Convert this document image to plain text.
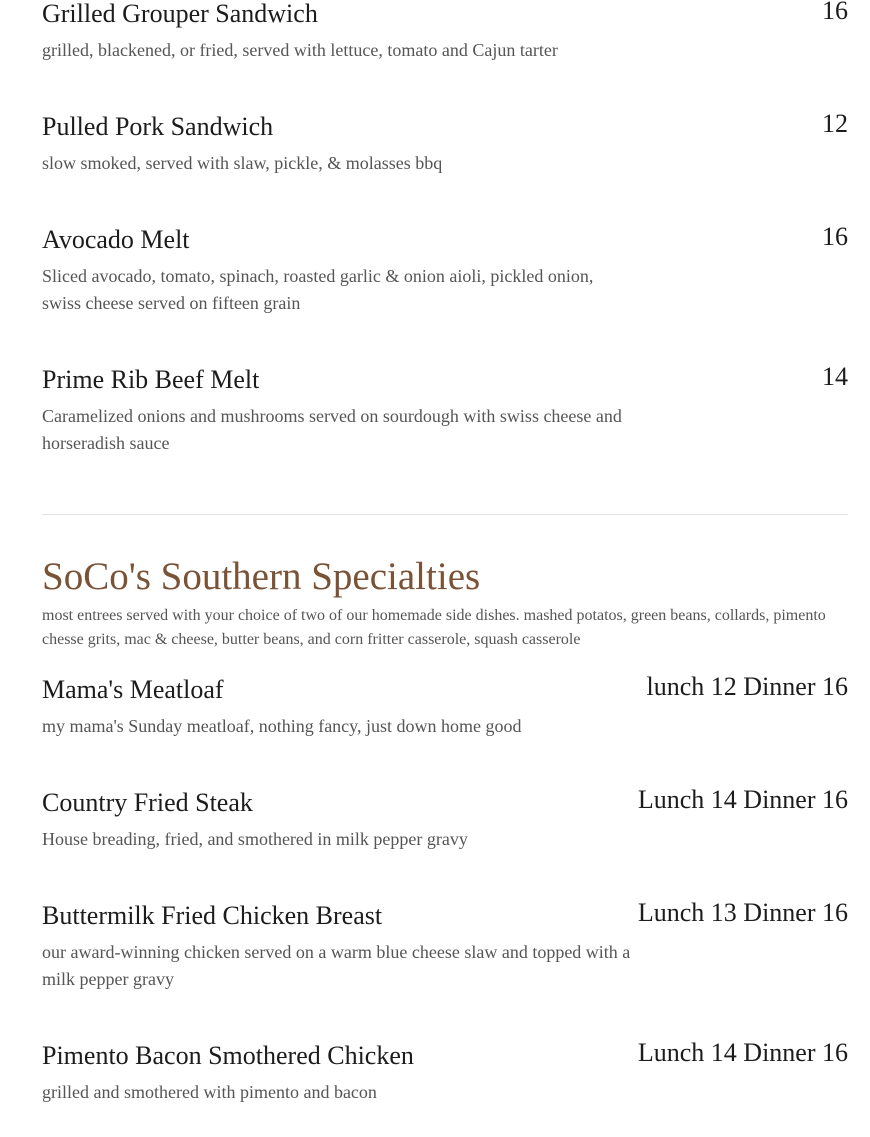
Grilled Grouper Sandwich	16
grilled, blackened, or fried, served with lettuce, tomato and Cajun tarter
Pulled Pork Sandwich	12
slow smoked, served with slaw, pickle, & molasses bbq
Avocado Melt	16
Sliced avocado, tomato, spinach, roasted garlic & onion aioli, pickled onion, swiss cheese served on fifteen grain
Prime Rib Beef Melt	14
Caramelized onions and mushrooms served on sourdough with swiss cheese and horseradish sauce
SoCo's Southern Specialties
most entrees served with your choice of two of our homemade side dishes. mashed potatos, green beans, collards, pimento chesse grits, mac & cheese, butter beans, and corn fritter casserole, squash casserole
Mama's Meatloaf	lunch 12 Dinner 16
my mama's Sunday meatloaf, nothing fancy, just down home good
Country Fried Steak	Lunch 14 Dinner 16
House breading, fried, and smothered in milk pepper gravy
Buttermilk Fried Chicken Breast	Lunch 13 Dinner 16
our award-winning chicken served on a warm blue cheese slaw and topped with a milk pepper gravy
Pimento Bacon Smothered Chicken	Lunch 14 Dinner 16
grilled and smothered with pimento and bacon
